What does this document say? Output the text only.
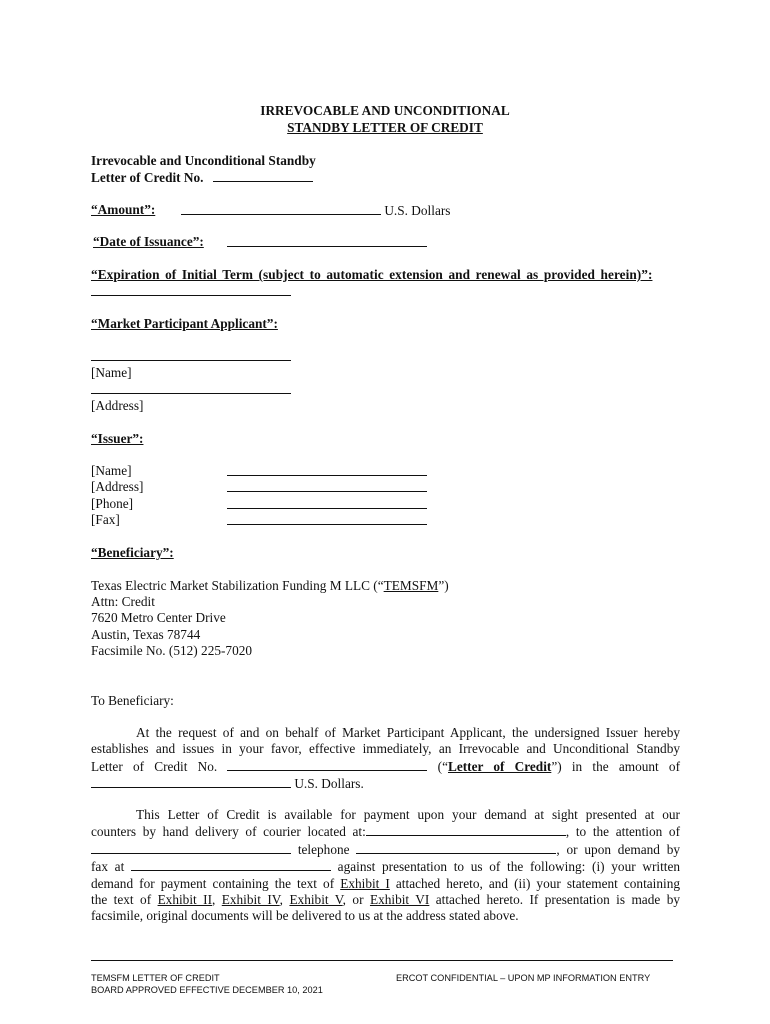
IRREVOCABLE AND UNCONDITIONAL
STANDBY LETTER OF CREDIT
Irrevocable and Unconditional Standby
Letter of Credit No.
“Amount”:	U.S. Dollars
“Date of Issuance”:
“Expiration of Initial Term (subject to automatic extension and renewal as provided herein)”:
“Market Participant Applicant”:
[Name]
[Address]
“Issuer”:
[Name]
[Address]
[Phone]
[Fax]
“Beneficiary”:
Texas Electric Market Stabilization Funding M LLC (“TEMSFM”)
Attn: Credit
7620 Metro Center Drive
Austin, Texas 78744
Facsimile No. (512) 225-7020
To Beneficiary:

At the request of and on behalf of Market Participant Applicant, the undersigned Issuer hereby

establishes and issues in your favor, effective immediately, an Irrevocable and Unconditional Standby

Letter of Credit No.	(“Letter of Credit”) in the amount of

U.S. Dollars.

This Letter of Credit is available for payment upon your demand at sight presented at our

counters by hand delivery of courier located at:	, to the attention of

telephone	, or upon demand by

fax at	against presentation to us of the following: (i) your written

demand for payment containing the text of Exhibit I attached hereto, and (ii) your statement containing

the text of Exhibit II, Exhibit IV, Exhibit V, or Exhibit VI attached hereto. If presentation is made by

facsimile, original documents will be delivered to us at the address stated above.

TEMSFM LETTER OF CREDIT
BOARD APPROVED EFFECTIVE DECEMBER 10, 2021
ERCOT CONFIDENTIAL – UPON MP INFORMATION ENTRY
